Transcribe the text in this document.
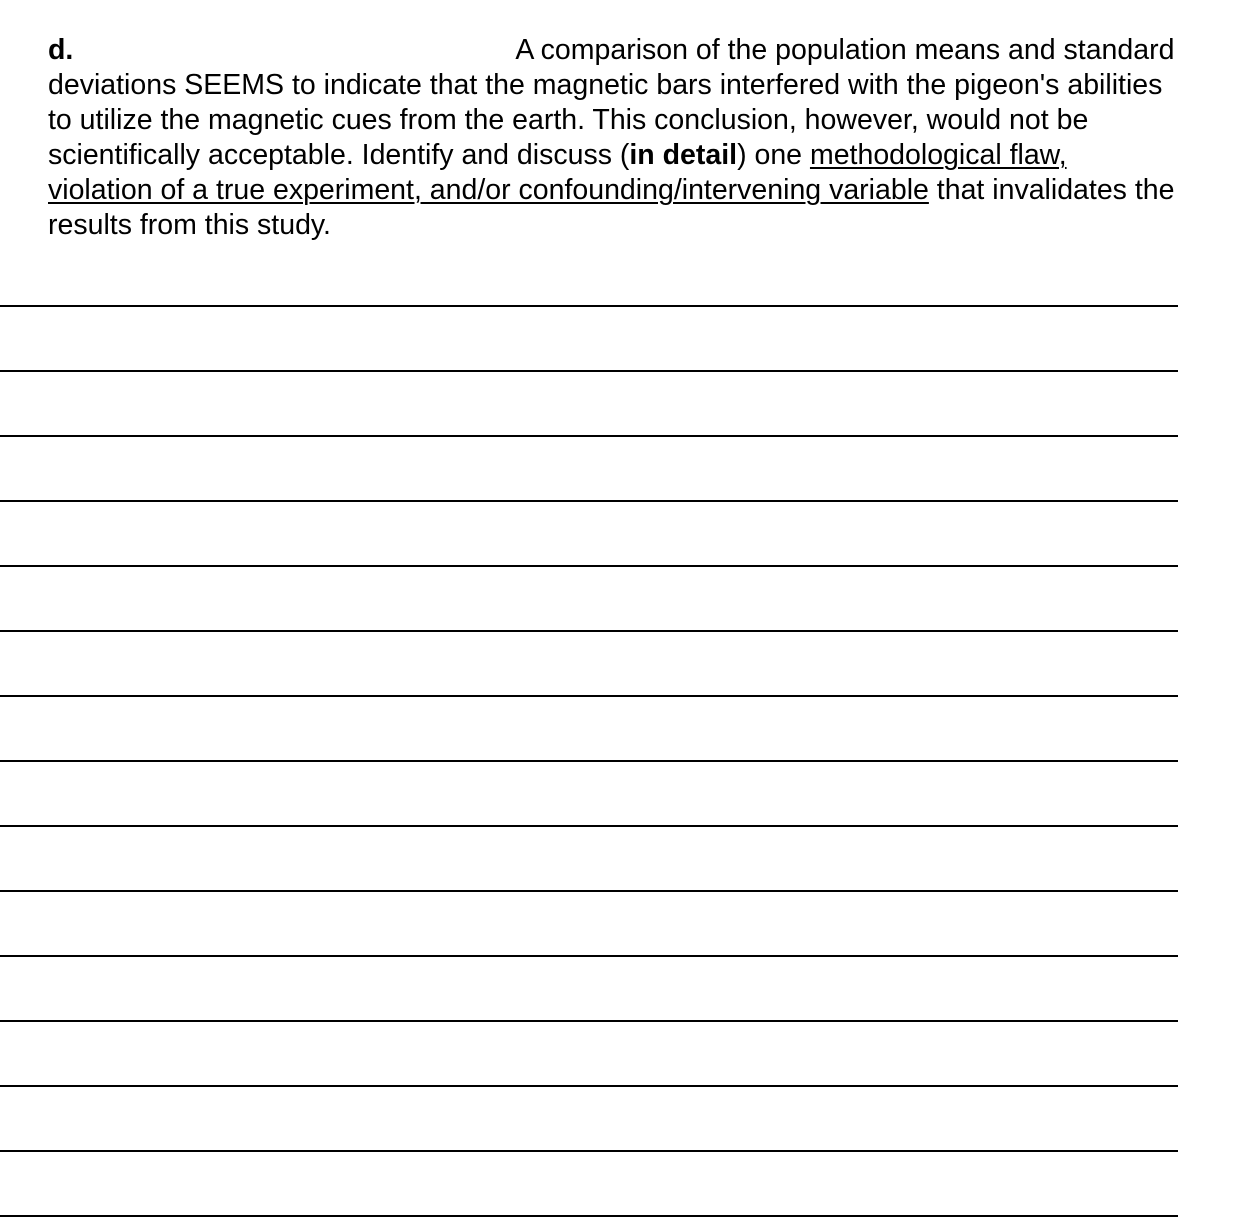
d.	A comparison of the population means and standard
deviations SEEMS to indicate that the magnetic bars interfered with the pigeon's abilities
to utilize the magnetic cues from the earth. This conclusion, however, would not be
scientifically acceptable. Identify and discuss (in detail) one methodological flaw,
violation of a true experiment, and/or confounding/intervening variable that invalidates the
results from this study.
